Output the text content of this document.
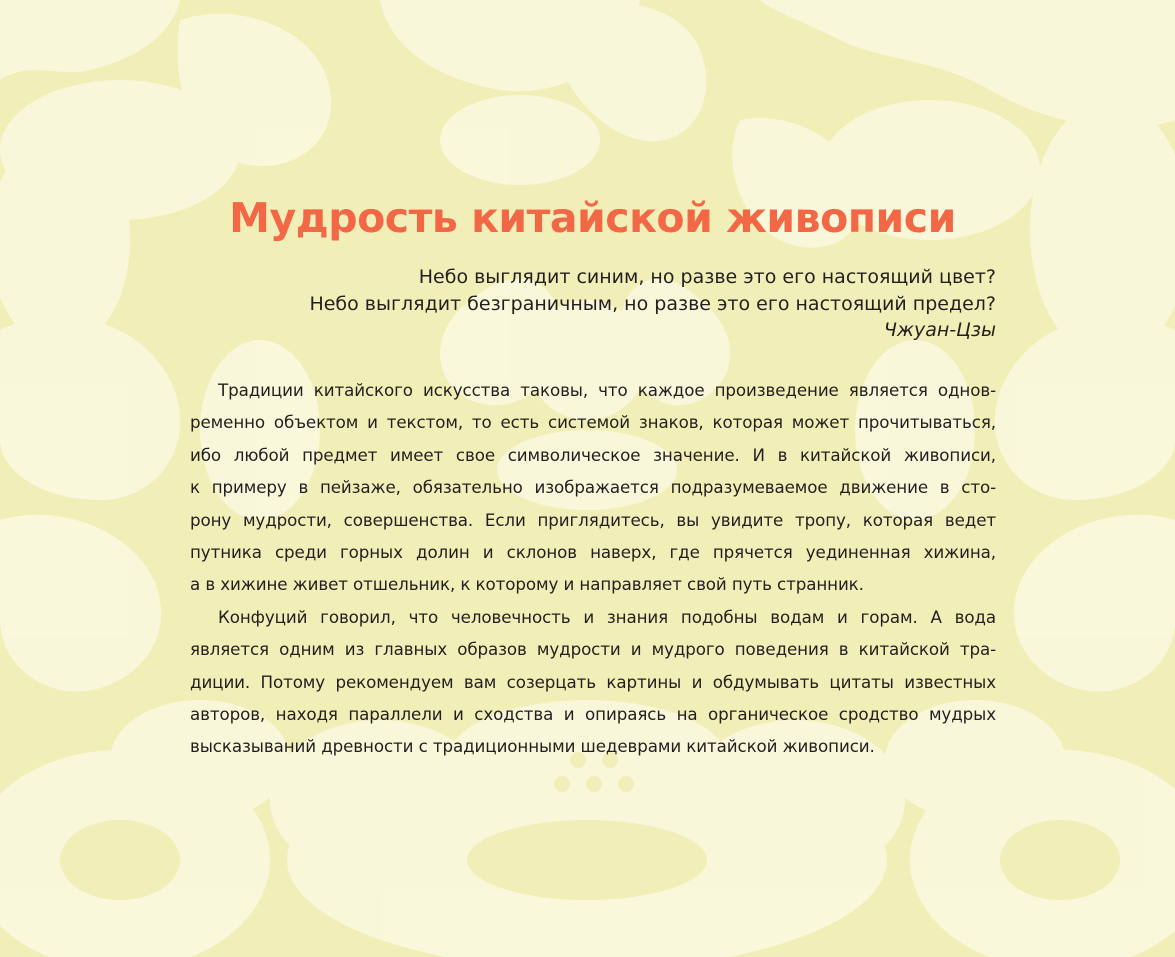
Мудрость китайской живописи
Небо выглядит синим, но разве это его настоящий цвет?
Небо выглядит безграничным, но разве это его настоящий предел?
Чжуан-Цзы
Традиции китайского искусства таковы, что каждое произведение является однов-
ременно объектом и текстом, то есть системой знаков, которая может прочитываться,
ибо любой предмет имеет свое символическое значение. И в китайской живописи,
к примеру в пейзаже, обязательно изображается подразумеваемое движение в сто-
рону мудрости, совершенства. Если приглядитесь, вы увидите тропу, которая ведет
путника среди горных долин и склонов наверх, где прячется уединенная хижина,
а в хижине живет отшельник, к которому и направляет свой путь странник.
Конфуций говорил, что человечность и знания подобны водам и горам. А вода
является одним из главных образов мудрости и мудрого поведения в китайской тра-
диции. Потому рекомендуем вам созерцать картины и обдумывать цитаты известных
авторов, находя параллели и сходства и опираясь на органическое сродство мудрых
высказываний древности с традиционными шедеврами китайской живописи.
